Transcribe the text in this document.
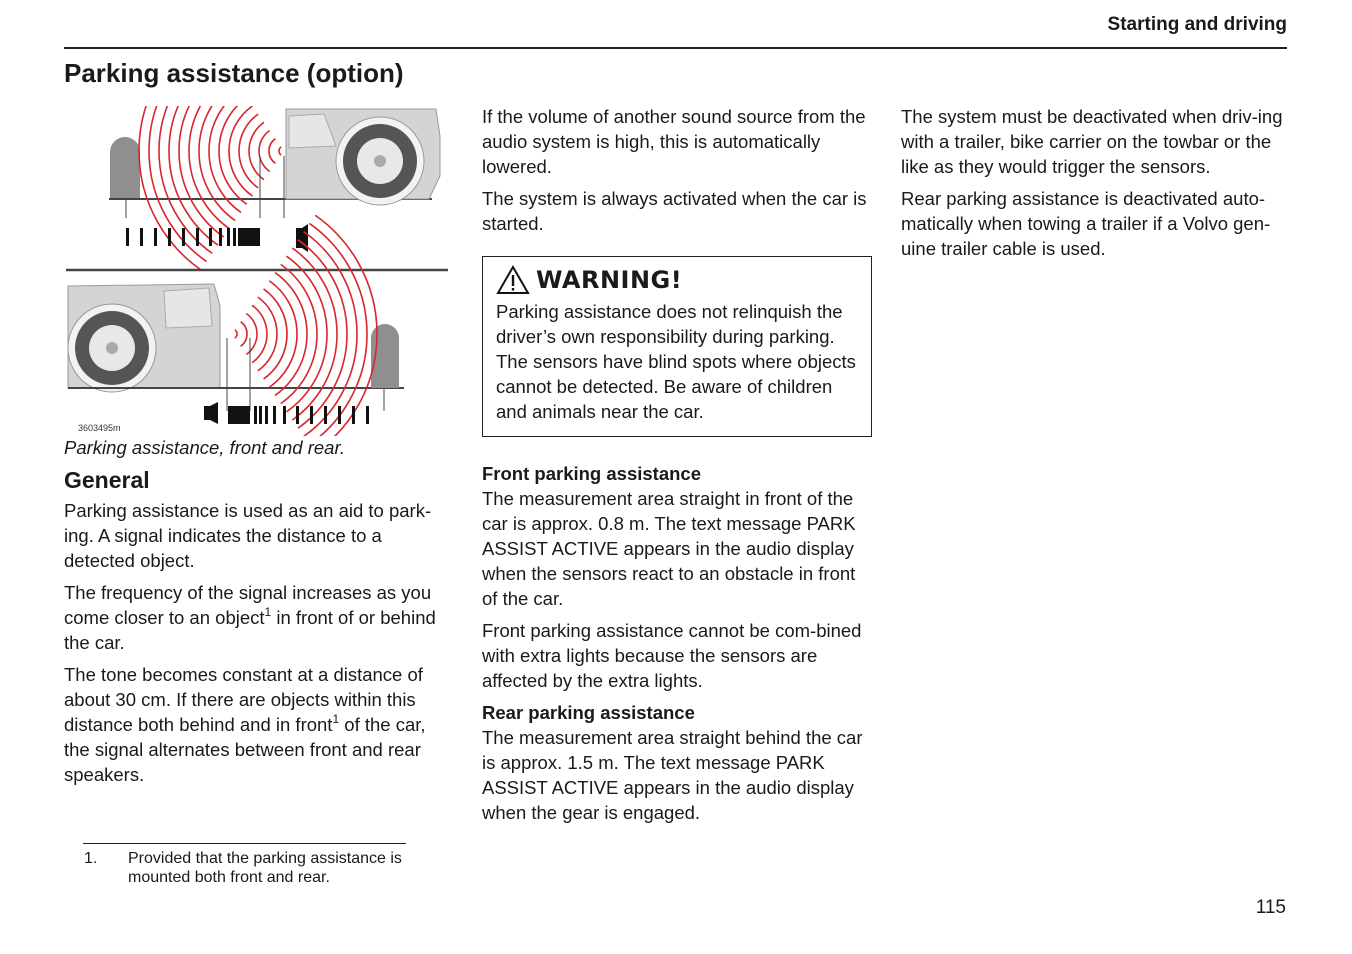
Starting and driving
Parking assistance (option)
3603495m
Parking assistance, front and rear.
General

Parking assistance is used as an aid to park-ing. A signal indicates the distance to a detected object.

The frequency of the signal increases as you come closer to an object$^1$ in front of or behind the car.

The tone becomes constant at a distance of about 30 cm. If there are objects within this distance both behind and in front$^1$ of the car, the signal alternates between front and rear speakers.

If the volume of another sound source from the audio system is high, this is automatically lowered.

The system is always activated when the car is started.

WARNING!
Parking assistance does not relinquish the driver’s own responsibility during parking. The sensors have blind spots where objects cannot be detected. Be aware of children and animals near the car.
Front parking assistance

The measurement area straight in front of the car is approx. 0.8 m. The text message PARK ASSIST ACTIVE appears in the audio display when the sensors react to an obstacle in front of the car.

Front parking assistance cannot be com-bined with extra lights because the sensors are affected by the extra lights.

Rear parking assistance

The measurement area straight behind the car is approx. 1.5 m. The text message PARK ASSIST ACTIVE appears in the audio display when the gear is engaged.

The system must be deactivated when driv-ing with a trailer, bike carrier on the towbar or the like as they would trigger the sensors.

Rear parking assistance is deactivated auto-matically when towing a trailer if a Volvo gen-uine trailer cable is used.

1. Provided that the parking assistance is mounted both front and rear.
115
